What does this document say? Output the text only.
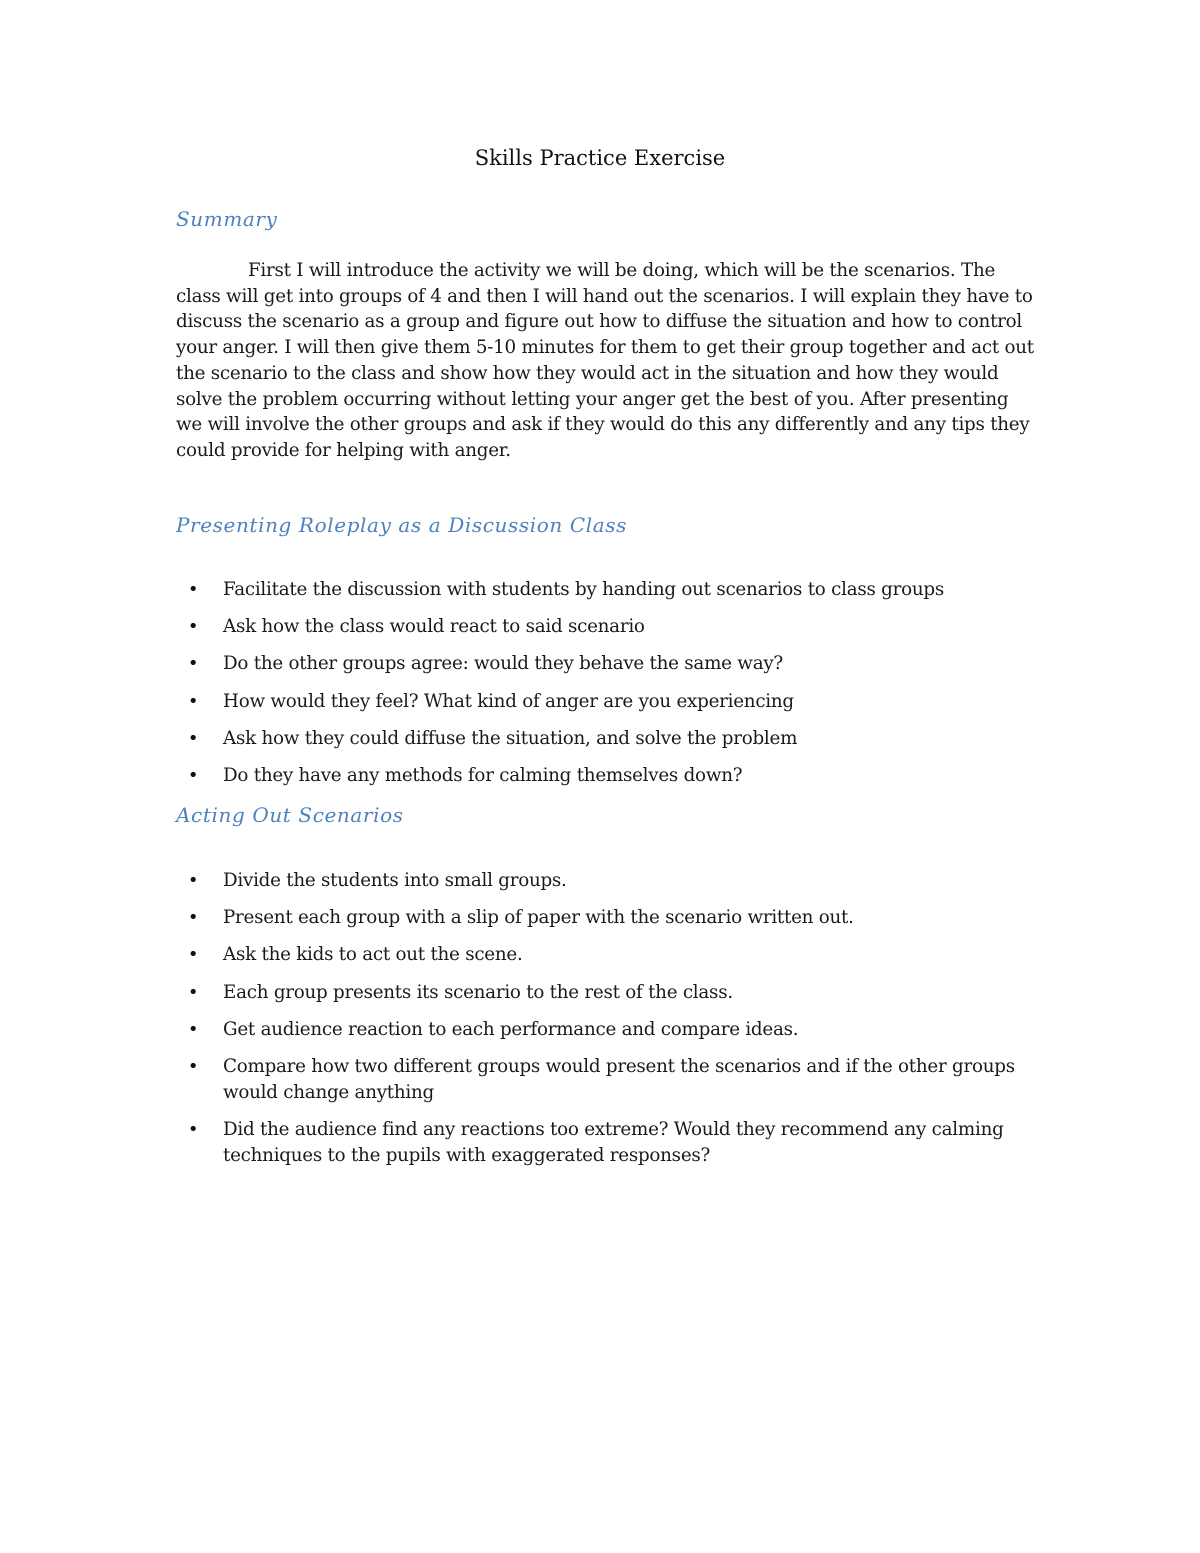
Skills Practice Exercise
Summary

First I will introduce the activity we will be doing, which will be the scenarios. The class will get into groups of 4 and then I will hand out the scenarios. I will explain they have to discuss the scenario as a group and figure out how to diffuse the situation and how to control your anger. I will then give them 5-10 minutes for them to get their group together and act out the scenario to the class and show how they would act in the situation and how they would solve the problem occurring without letting your anger get the best of you. After presenting we will involve the other groups and ask if they would do this any differently and any tips they could provide for helping with anger.

Presenting Roleplay as a Discussion Class
• Facilitate the discussion with students by handing out scenarios to class groups
• Ask how the class would react to said scenario
• Do the other groups agree: would they behave the same way?
• How would they feel? What kind of anger are you experiencing
• Ask how they could diffuse the situation, and solve the problem
• Do they have any methods for calming themselves down?
Acting Out Scenarios
• Divide the students into small groups.
• Present each group with a slip of paper with the scenario written out.
• Ask the kids to act out the scene.
• Each group presents its scenario to the rest of the class.
• Get audience reaction to each performance and compare ideas.
• Compare how two different groups would present the scenarios and if the other groups would change anything
• Did the audience find any reactions too extreme? Would they recommend any calming techniques to the pupils with exaggerated responses?
